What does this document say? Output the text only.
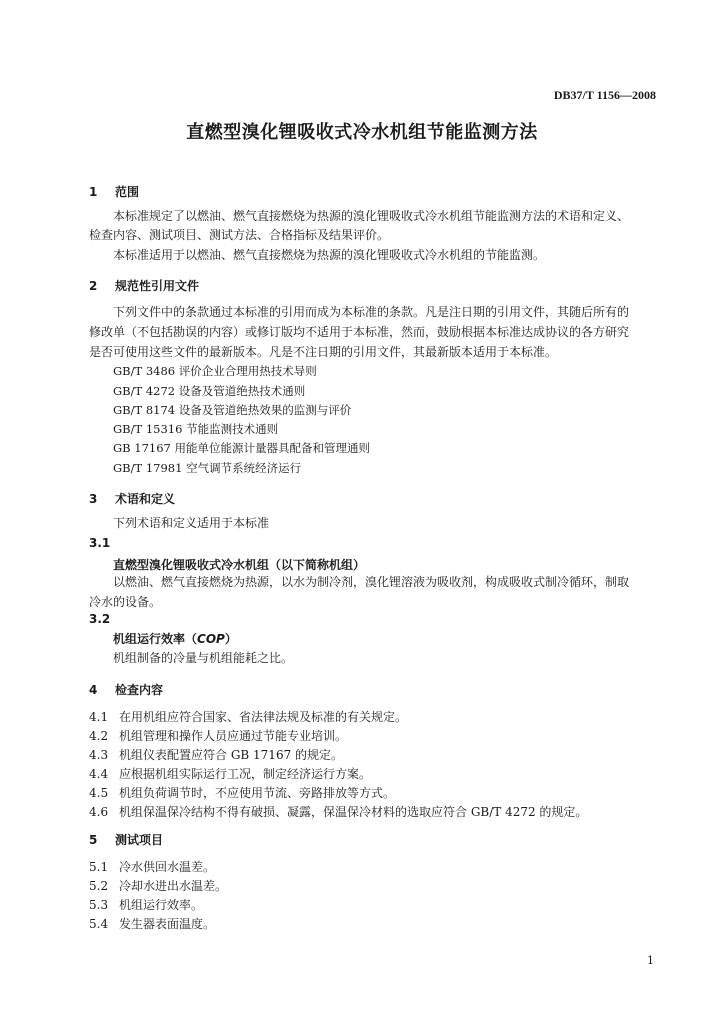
DB37/T 1156—2008
直燃型溴化锂吸收式冷水机组节能监测方法
1 范围
本标准规定了以燃油、燃气直接燃烧为热源的溴化锂吸收式冷水机组节能监测方法的术语和定义、
检查内容、测试项目、测试方法、合格指标及结果评价。
本标准适用于以燃油、燃气直接燃烧为热源的溴化锂吸收式冷水机组的节能监测。
2 规范性引用文件
下列文件中的条款通过本标准的引用而成为本标准的条款。凡是注日期的引用文件，其随后所有的
修改单（不包括勘误的内容）或修订版均不适用于本标准，然而，鼓励根据本标准达成协议的各方研究
是否可使用这些文件的最新版本。凡是不注日期的引用文件，其最新版本适用于本标准。
GB/T 3486 评价企业合理用热技术导则
GB/T 4272 设备及管道绝热技术通则
GB/T 8174 设备及管道绝热效果的监测与评价
GB/T 15316 节能监测技术通则
GB 17167 用能单位能源计量器具配备和管理通则
GB/T 17981 空气调节系统经济运行
3 术语和定义
下列术语和定义适用于本标准
3.1
直燃型溴化锂吸收式冷水机组（以下简称机组）
以燃油、燃气直接燃烧为热源，以水为制冷剂，溴化锂溶液为吸收剂，构成吸收式制冷循环，制取
冷水的设备。
3.2
机组运行效率（COP）
机组制备的冷量与机组能耗之比。
4 检查内容
4.1 在用机组应符合国家、省法律法规及标准的有关规定。
4.2 机组管理和操作人员应通过节能专业培训。
4.3 机组仪表配置应符合 GB 17167 的规定。
4.4 应根据机组实际运行工况，制定经济运行方案。
4.5 机组负荷调节时，不应使用节流、旁路排放等方式。
4.6 机组保温保冷结构不得有破损、凝露，保温保冷材料的选取应符合 GB/T 4272 的规定。
5 测试项目
5.1 冷水供回水温差。
5.2 冷却水进出水温差。
5.3 机组运行效率。
5.4 发生器表面温度。
1
